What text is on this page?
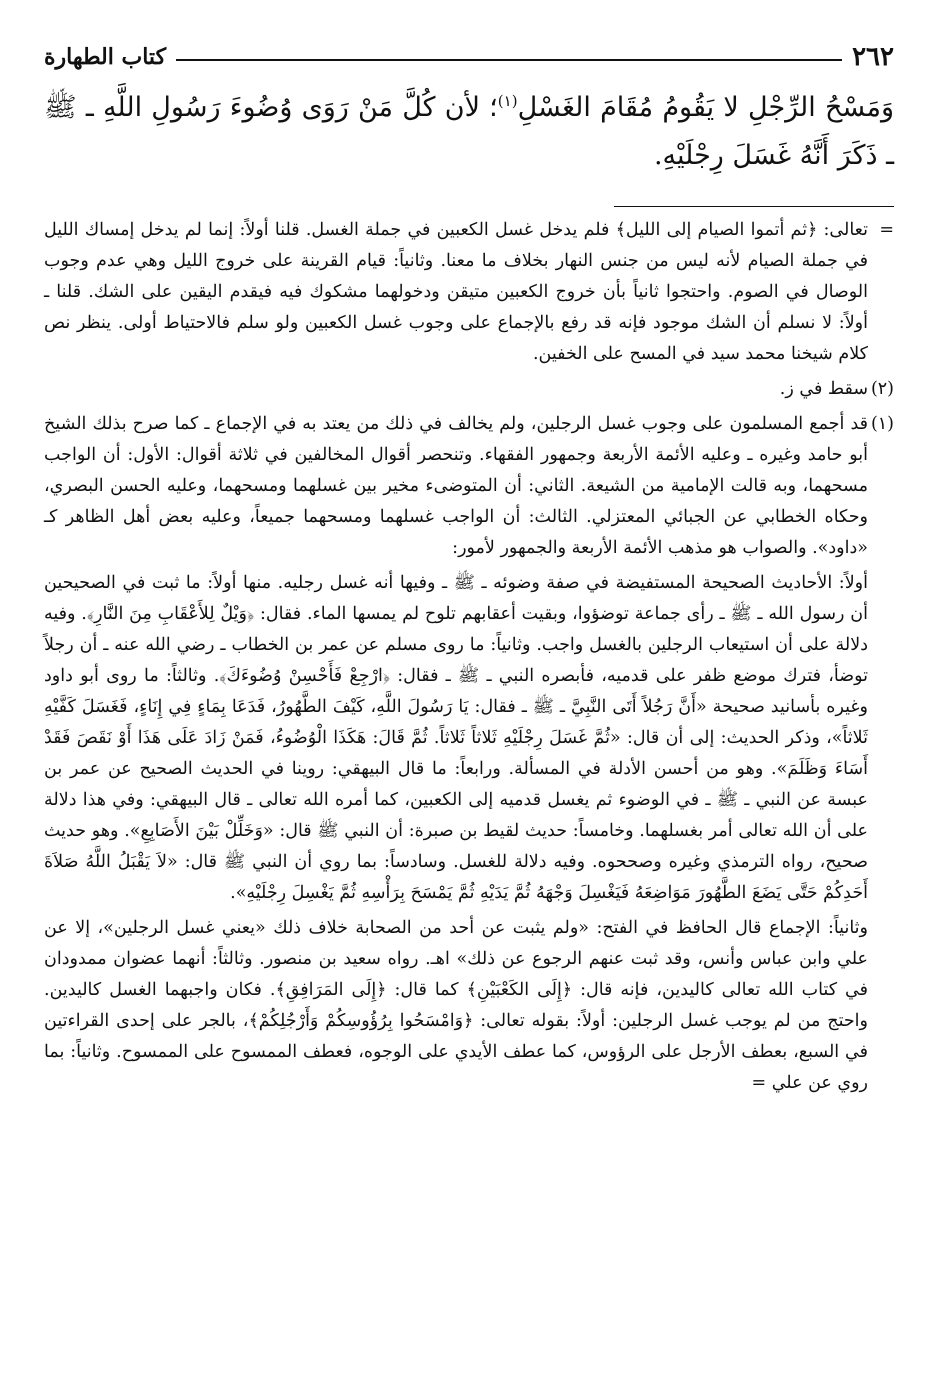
٢٦٢
كتاب الطهارة
وَمَسْحُ الرِّجْلِ لا يَقُومُ مُقَامَ الغَسْلِ$^{(١)}$؛ لأن كُلَّ مَنْ رَوَى وُضُوءَ رَسُولِ اللَّهِ ـ ﷺ ـ ذَكَرَ أَنَّهُ غَسَلَ رِجْلَيْهِ.
=

تعالى: ﴿ثم أتموا الصيام إلى الليل﴾ فلم يدخل غسل الكعبين في جملة الغسل. قلنا أولاً: إنما لم يدخل إمساك الليل في جملة الصيام لأنه ليس من جنس النهار بخلاف ما معنا. وثانياً: قيام القرينة على خروج الليل وهي عدم وجوب الوصال في الصوم. واحتجوا ثانياً بأن خروج الكعبين متيقن ودخولهما مشكوك فيه فيقدم اليقين على الشك. قلنا ـ أولاً: لا نسلم أن الشك موجود فإنه قد رفع بالإجماع على وجوب غسل الكعبين ولو سلم فالاحتياط أولى. ينظر نص كلام شيخنا محمد سيد في المسح على الخفين.

(٢)

سقط في ز.

(١)

قد أجمع المسلمون على وجوب غسل الرجلين، ولم يخالف في ذلك من يعتد به في الإجماع ـ كما صرح بذلك الشيخ أبو حامد وغيره ـ وعليه الأئمة الأربعة وجمهور الفقهاء. وتنحصر أقوال المخالفين في ثلاثة أقوال: الأول: أن الواجب مسحهما، وبه قالت الإمامية من الشيعة. الثاني: أن المتوضىء مخير بين غسلهما ومسحهما، وعليه الحسن البصري، وحكاه الخطابي عن الجبائي المعتزلي. الثالث: أن الواجب غسلهما ومسحهما جميعاً، وعليه بعض أهل الظاهر كـ «داود». والصواب هو مذهب الأئمة الأربعة والجمهور لأمور:

أولاً: الأحاديث الصحيحة المستفيضة في صفة وضوئه ـ ﷺ ـ وفيها أنه غسل رجليه. منها أولاً: ما ثبت في الصحيحين أن رسول الله ـ ﷺ ـ رأى جماعة توضؤوا، وبقيت أعقابهم تلوح لم يمسها الماء. فقال: ﴿وَيْلٌ لِلأَعْقَابِ مِنَ النَّارِ﴾. وفيه دلالة على أن استيعاب الرجلين بالغسل واجب. وثانياً: ما روى مسلم عن عمر بن الخطاب ـ رضي الله عنه ـ أن رجلاً توضأ، فترك موضع ظفر على قدميه، فأبصره النبي ـ ﷺ ـ فقال: ﴿ارْجِعْ فَأَحْسِنْ وُضُوءَكَ﴾. وثالثاً: ما روى أبو داود وغيره بأسانيد صحيحة «أَنَّ رَجُلاً أَتَى النَّبِيَّ ـ ﷺ ـ فقال: يَا رَسُولَ اللَّهِ، كَيْفَ الطَّهُورُ، فَدَعَا بِمَاءٍ فِي إِنَاءٍ، فَغَسَلَ كَفَّيْهِ ثَلاثاً»، وذكر الحديث: إلى أن قال: «ثُمَّ غَسَلَ رِجْلَيْهِ ثَلاثاً ثَلاثاً. ثُمَّ قَالَ: هَكَذَا الْوُضُوءُ، فَمَنْ زَادَ عَلَى هَذَا أَوْ نَقَصَ فَقَدْ أَسَاءَ وَظَلَمَ». وهو من أحسن الأدلة في المسألة. ورابعاً: ما قال البيهقي: روينا في الحديث الصحيح عن عمر بن عبسة عن النبي ـ ﷺ ـ في الوضوء ثم يغسل قدميه إلى الكعبين، كما أمره الله تعالى ـ قال البيهقي: وفي هذا دلالة على أن الله تعالى أمر بغسلهما. وخامساً: حديث لقيط بن صبرة: أن النبي ﷺ قال: «وَخَلِّلْ بَيْنَ الأَصَابِعِ». وهو حديث صحيح، رواه الترمذي وغيره وصححوه. وفيه دلالة للغسل. وسادساً: بما روي أن النبي ﷺ قال: «لاَ يَقْبَلُ اللَّهُ صَلاَةَ أَحَدِكُمْ حَتَّى يَضَعَ الطَّهُورَ مَوَاضِعَهُ فَيَغْسِلَ وَجْهَهُ ثُمَّ يَدَيْهِ ثُمَّ يَمْسَحَ بِرَأْسِهِ ثُمَّ يَغْسِلَ رِجْلَيْهِ».

وثانياً: الإجماع قال الحافظ في الفتح: «ولم يثبت عن أحد من الصحابة خلاف ذلك «يعني غسل الرجلين»، إلا عن علي وابن عباس وأنس، وقد ثبت عنهم الرجوع عن ذلك» اهـ. رواه سعيد بن منصور. وثالثاً: أنهما عضوان ممدودان في كتاب الله تعالى كاليدين، فإنه قال: ﴿إِلَى الكَعْبَيْنِ﴾ كما قال: ﴿إِلَى المَرَافِقِ﴾. فكان واجبهما الغسل كاليدين. واحتج من لم يوجب غسل الرجلين: أولاً: بقوله تعالى: ﴿وَامْسَحُوا بِرُؤُوسِكُمْ وَأَرْجُلِكُمْ﴾، بالجر على إحدى القراءتين في السبع، بعطف الأرجل على الرؤوس، كما عطف الأيدي على الوجوه، فعطف الممسوح على الممسوح. وثانياً: بما روي عن علي =
